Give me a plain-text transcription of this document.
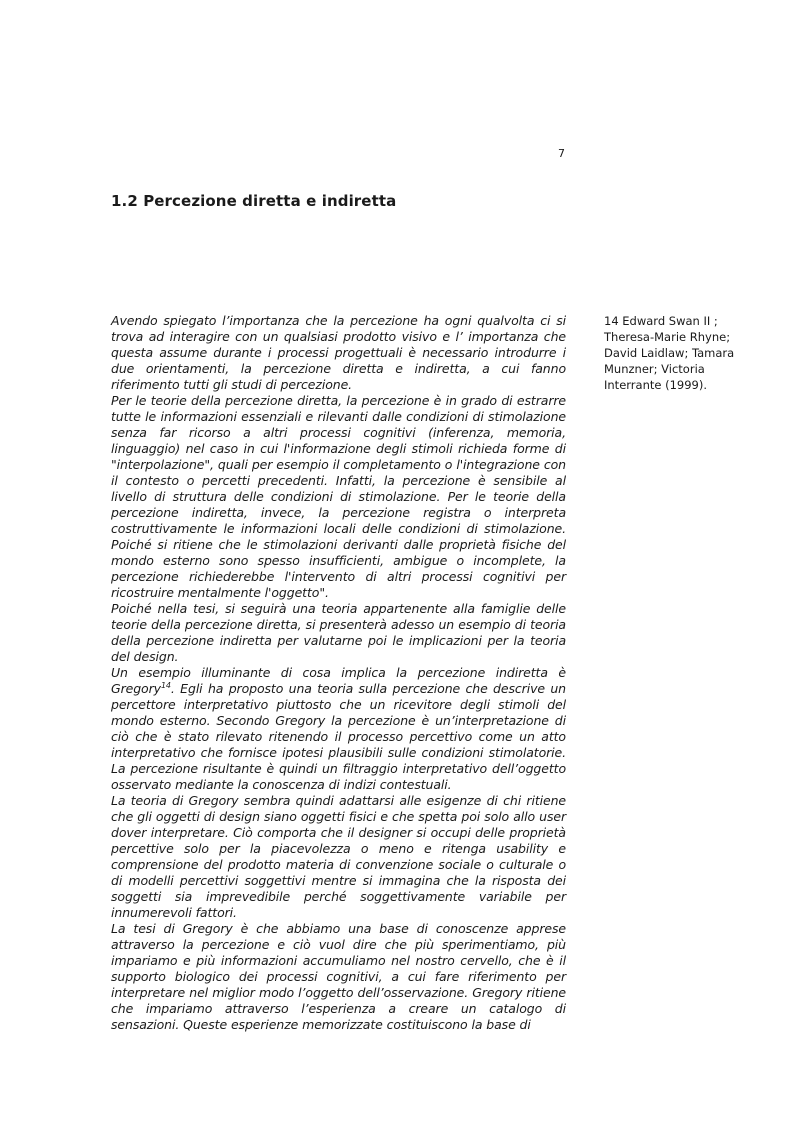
7
1.2 Percezione diretta e indiretta

Avendo spiegato l’importanza che la percezione ha ogni qualvolta ci si trova ad interagire con un qualsiasi prodotto visivo e l’ importanza che questa assume durante i processi progettuali è necessario introdurre i due orientamenti, la percezione diretta e indiretta, a cui fanno riferimento tutti gli studi di percezione.

Per le teorie della percezione diretta, la percezione è in grado di estrarre tutte le informazioni essenziali e rilevanti dalle condizioni di stimolazione senza far ricorso a altri processi cognitivi (inferenza, memoria, linguaggio) nel caso in cui l'informazione degli stimoli richieda forme di "interpolazione", quali per esempio il completamento o l'integrazione con il contesto o percetti precedenti. Infatti, la percezione è sensibile al livello di struttura delle condizioni di stimolazione. Per le teorie della percezione indiretta, invece, la percezione registra o interpreta costruttivamente le informazioni locali delle condizioni di stimolazione. Poiché si ritiene che le stimolazioni derivanti dalle proprietà fisiche del mondo esterno sono spesso insufficienti, ambigue o incomplete, la percezione richiederebbe l'intervento di altri processi cognitivi per ricostruire mentalmente l'oggetto".

Poiché nella tesi, si seguirà una teoria appartenente alla famiglie delle teorie della percezione diretta, si presenterà adesso un esempio di teoria della percezione indiretta per valutarne poi le implicazioni per la teoria del design.

Un esempio illuminante di cosa implica la percezione indiretta è Gregory$^{14}$. Egli ha proposto una teoria sulla percezione che descrive un percettore interpretativo piuttosto che un ricevitore degli stimoli del mondo esterno. Secondo Gregory la percezione è un’interpretazione di ciò che è stato rilevato ritenendo il processo percettivo come un atto interpretativo che fornisce ipotesi plausibili sulle condizioni stimolatorie. La percezione risultante è quindi un filtraggio interpretativo dell’oggetto osservato mediante la conoscenza di indizi contestuali.

La teoria di Gregory sembra quindi adattarsi alle esigenze di chi ritiene che gli oggetti di design siano oggetti fisici e che spetta poi solo allo user dover interpretare. Ciò comporta che il designer si occupi delle proprietà percettive solo per la piacevolezza o meno e ritenga usability e comprensione del prodotto materia di convenzione sociale o culturale o di modelli percettivi soggettivi mentre si immagina che la risposta dei soggetti sia imprevedibile perché soggettivamente variabile per innumerevoli fattori.

La tesi di Gregory è che abbiamo una base di conoscenze apprese attraverso la percezione e ciò vuol dire che più sperimentiamo, più impariamo e più informazioni accumuliamo nel nostro cervello, che è il supporto biologico dei processi cognitivi, a cui fare riferimento per interpretare nel miglior modo l’oggetto dell’osservazione. Gregory ritiene che impariamo attraverso l’esperienza a creare un catalogo di sensazioni. Queste esperienze memorizzate costituiscono la base di

14 Edward Swan II ; Theresa-Marie Rhyne; David Laidlaw; Tamara Munzner; Victoria Interrante (1999).
